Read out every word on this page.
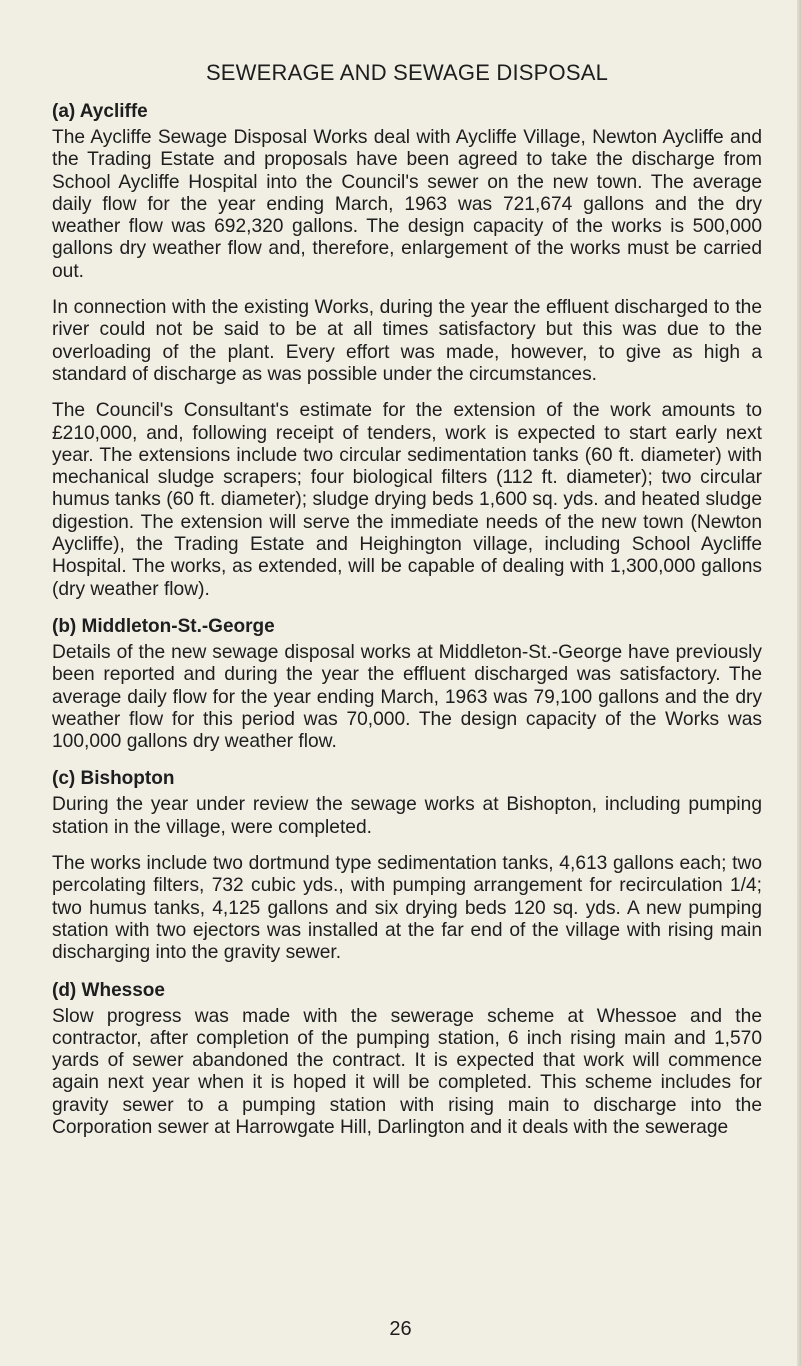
SEWERAGE AND SEWAGE DISPOSAL
(a) Aycliffe

The Aycliffe Sewage Disposal Works deal with Aycliffe Village, Newton Aycliffe and the Trading Estate and proposals have been agreed to take the discharge from School Aycliffe Hospital into the Council's sewer on the new town. The average daily flow for the year ending March, 1963 was 721,674 gallons and the dry weather flow was 692,320 gallons. The design capacity of the works is 500,000 gallons dry weather flow and, therefore, enlargement of the works must be carried out.

In connection with the existing Works, during the year the effluent discharged to the river could not be said to be at all times satisfactory but this was due to the overloading of the plant. Every effort was made, however, to give as high a standard of discharge as was possible under the circumstances.

The Council's Consultant's estimate for the extension of the work amounts to £210,000, and, following receipt of tenders, work is expected to start early next year. The extensions include two circular sedimentation tanks (60 ft. diameter) with mechanical sludge scrapers; four biological filters (112 ft. diameter); two circular humus tanks (60 ft. diameter); sludge drying beds 1,600 sq. yds. and heated sludge digestion. The extension will serve the immediate needs of the new town (Newton Aycliffe), the Trading Estate and Heighington village, including School Aycliffe Hospital. The works, as extended, will be capable of dealing with 1,300,000 gallons (dry weather flow).

(b) Middleton-St.-George

Details of the new sewage disposal works at Middleton-St.-George have previously been reported and during the year the effluent discharged was satisfactory. The average daily flow for the year ending March, 1963 was 79,100 gallons and the dry weather flow for this period was 70,000. The design capacity of the Works was 100,000 gallons dry weather flow.

(c) Bishopton

During the year under review the sewage works at Bishopton, including pumping station in the village, were completed.

The works include two dortmund type sedimentation tanks, 4,613 gallons each; two percolating filters, 732 cubic yds., with pumping arrangement for recirculation 1/4; two humus tanks, 4,125 gallons and six drying beds 120 sq. yds. A new pumping station with two ejectors was installed at the far end of the village with rising main discharging into the gravity sewer.

(d) Whessoe

Slow progress was made with the sewerage scheme at Whessoe and the contractor, after completion of the pumping station, 6 inch rising main and 1,570 yards of sewer abandoned the contract. It is expected that work will commence again next year when it is hoped it will be completed. This scheme includes for gravity sewer to a pumping station with rising main to discharge into the Corporation sewer at Harrowgate Hill, Darlington and it deals with the sewerage

26
